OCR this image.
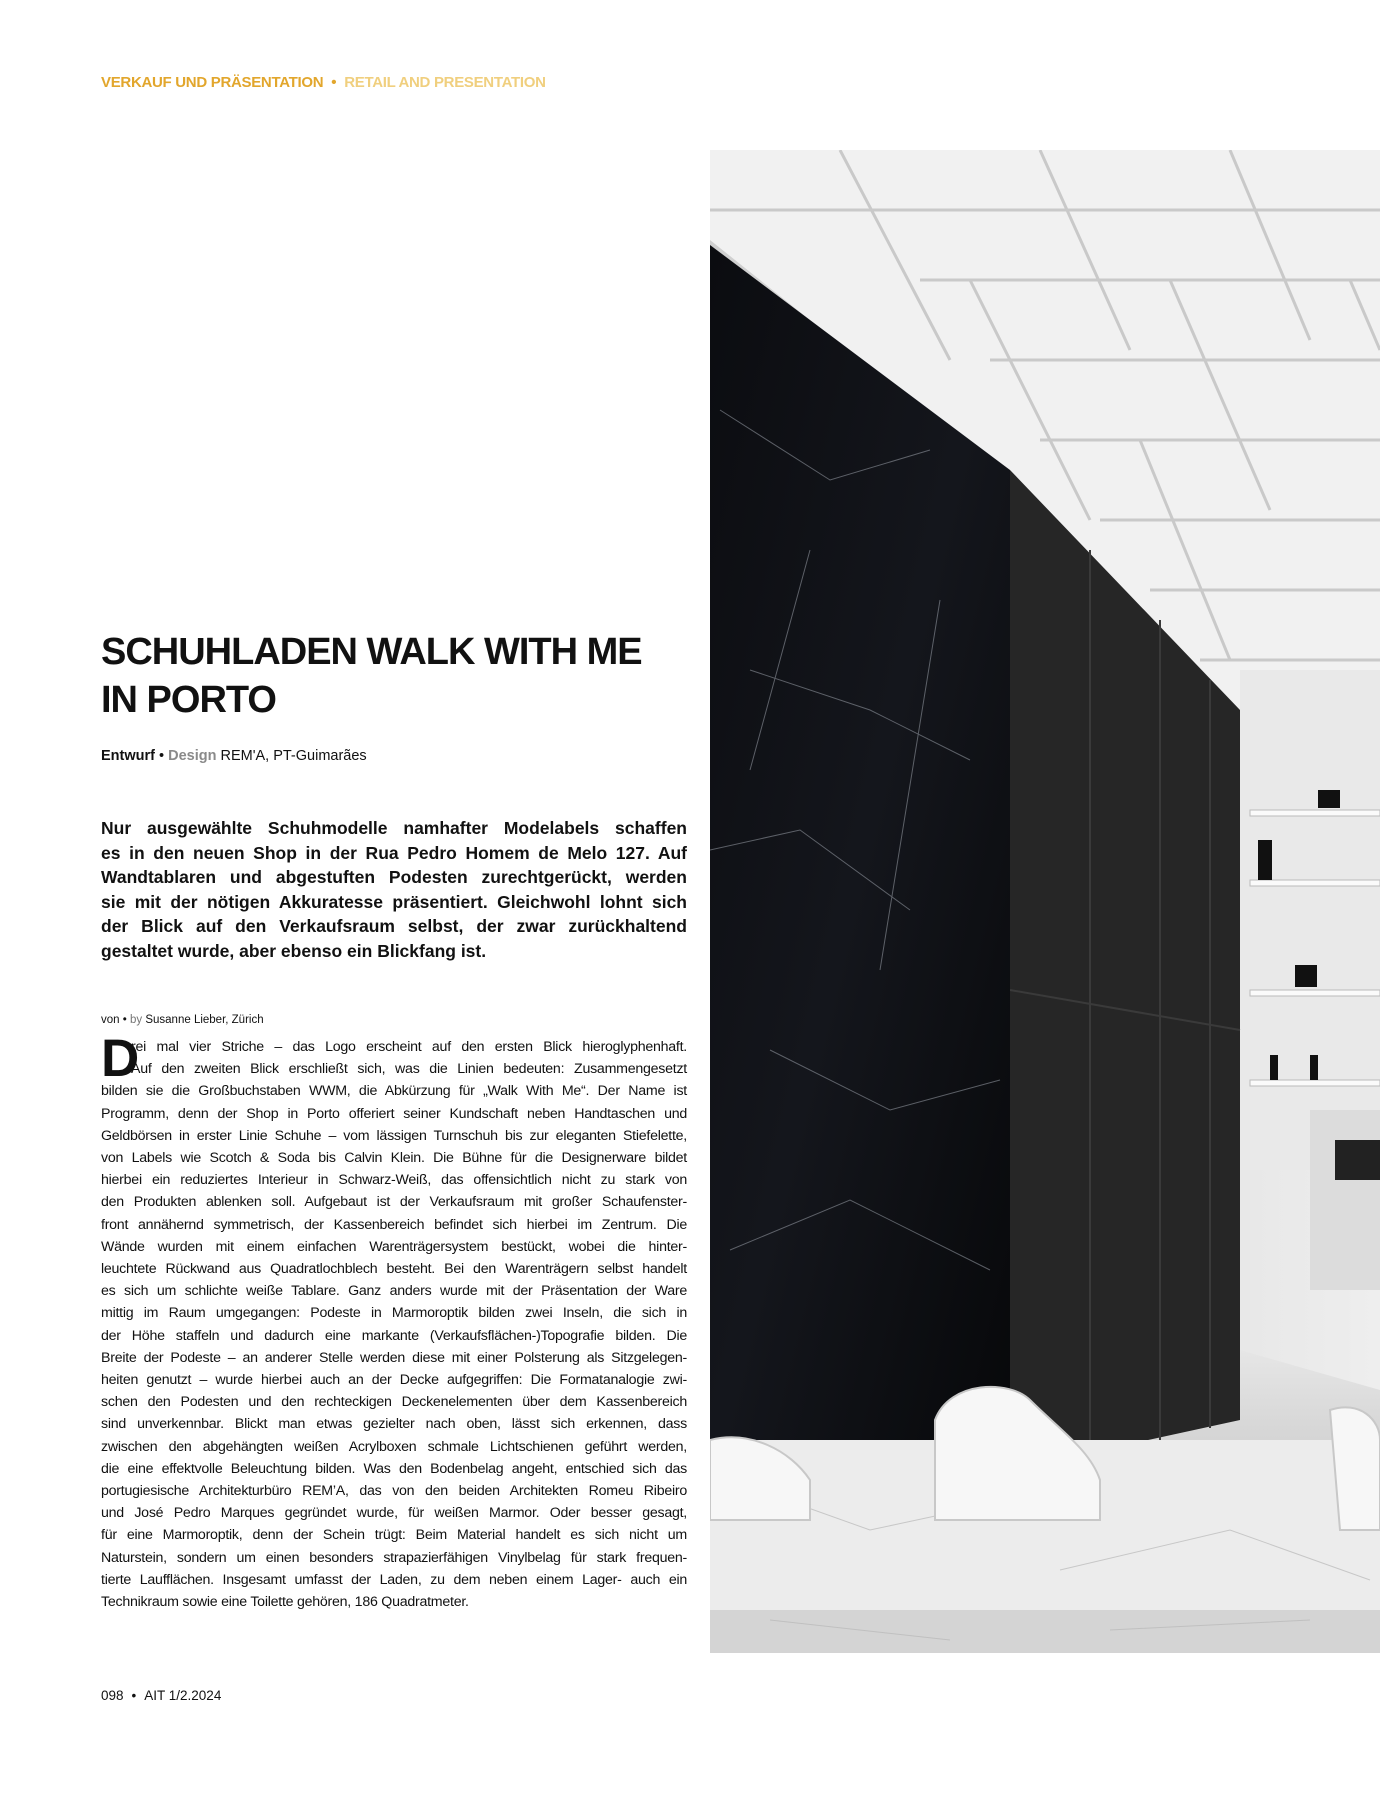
VERKAUF UND PRÄSENTATION • RETAIL AND PRESENTATION
SCHUHLADEN WALK WITH ME
IN PORTO
Entwurf • Design REM'A, PT-Guimarães
Nur ausgewählte Schuhmodelle namhafter Modelabels schaffen
es in den neuen Shop in der Rua Pedro Homem de Melo 127. Auf
Wandtablaren und abgestuften Podesten zurechtgerückt, werden
sie mit der nötigen Akkuratesse präsentiert. Gleichwohl lohnt sich
der Blick auf den Verkaufsraum selbst, der zwar zurückhaltend
gestaltet wurde, aber ebenso ein Blickfang ist.
von • by Susanne Lieber, Zürich
D
rei mal vier Striche – das Logo erscheint auf den ersten Blick hieroglyphenhaft.
Auf den zweiten Blick erschließt sich, was die Linien bedeuten: Zusammengesetzt
bilden sie die Großbuchstaben WWM, die Abkürzung für „Walk With Me“. Der Name ist
Programm, denn der Shop in Porto offeriert seiner Kundschaft neben Handtaschen und
Geldbörsen in erster Linie Schuhe – vom lässigen Turnschuh bis zur eleganten Stiefelette,
von Labels wie Scotch & Soda bis Calvin Klein. Die Bühne für die Designerware bildet
hierbei ein reduziertes Interieur in Schwarz-Weiß, das offensichtlich nicht zu stark von
den Produkten ablenken soll. Aufgebaut ist der Verkaufsraum mit großer Schaufenster-
front annähernd symmetrisch, der Kassenbereich befindet sich hierbei im Zentrum. Die
Wände wurden mit einem einfachen Warenträgersystem bestückt, wobei die hinter-
leuchtete Rückwand aus Quadratlochblech besteht. Bei den Warenträgern selbst handelt
es sich um schlichte weiße Tablare. Ganz anders wurde mit der Präsentation der Ware
mittig im Raum umgegangen: Podeste in Marmoroptik bilden zwei Inseln, die sich in
der Höhe staffeln und dadurch eine markante (Verkaufsflächen-)Topografie bilden. Die
Breite der Podeste – an anderer Stelle werden diese mit einer Polsterung als Sitzgelegen-
heiten genutzt – wurde hierbei auch an der Decke aufgegriffen: Die Formatanalogie zwi-
schen den Podesten und den rechteckigen Deckenelementen über dem Kassenbereich
sind unverkennbar. Blickt man etwas gezielter nach oben, lässt sich erkennen, dass
zwischen den abgehängten weißen Acrylboxen schmale Lichtschienen geführt werden,
die eine effektvolle Beleuchtung bilden. Was den Bodenbelag angeht, entschied sich das
portugiesische Architekturbüro REM’A, das von den beiden Architekten Romeu Ribeiro
und José Pedro Marques gegründet wurde, für weißen Marmor. Oder besser gesagt,
für eine Marmoroptik, denn der Schein trügt: Beim Material handelt es sich nicht um
Naturstein, sondern um einen besonders strapazierfähigen Vinylbelag für stark frequen-
tierte Laufflächen. Insgesamt umfasst der Laden, zu dem neben einem Lager- auch ein
Technikraum sowie eine Toilette gehören, 186 Quadratmeter.
098 • AIT 1/2.2024
